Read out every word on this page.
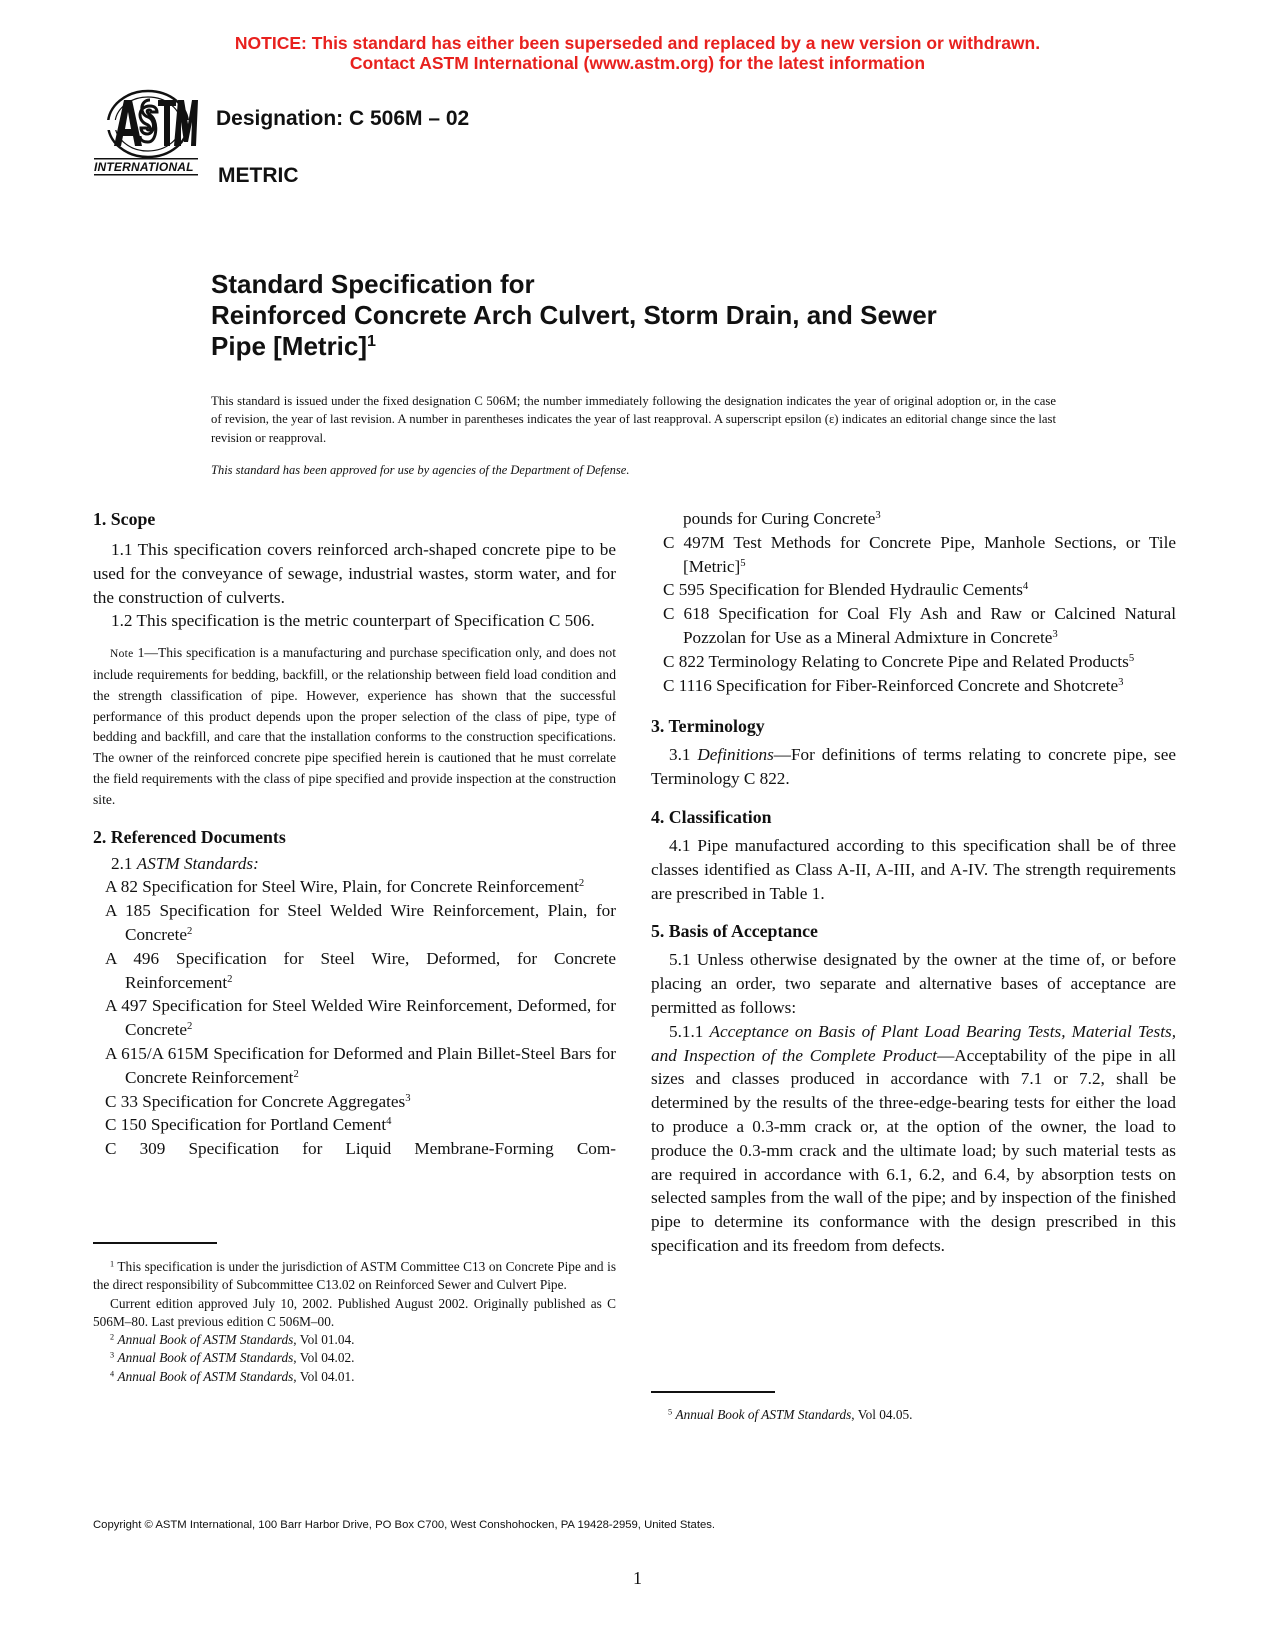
NOTICE: This standard has either been superseded and replaced by a new version or withdrawn.
Contact ASTM International (www.astm.org) for the latest information
INTERNATIONAL
Designation: C 506M – 02
METRIC
Standard Specification for
Reinforced Concrete Arch Culvert, Storm Drain, and Sewer
Pipe [Metric]$^1$
This standard is issued under the fixed designation C 506M; the number immediately following the designation indicates the year of original adoption or, in the case of revision, the year of last revision. A number in parentheses indicates the year of last reapproval. A superscript epsilon (ε) indicates an editorial change since the last revision or reapproval.
This standard has been approved for use by agencies of the Department of Defense.
1. Scope

1.1 This specification covers reinforced arch-shaped concrete pipe to be used for the conveyance of sewage, industrial wastes, storm water, and for the construction of culverts.

1.2 This specification is the metric counterpart of Specification C 506.

Note 1—This specification is a manufacturing and purchase specification only, and does not include requirements for bedding, backfill, or the relationship between field load condition and the strength classification of pipe. However, experience has shown that the successful performance of this product depends upon the proper selection of the class of pipe, type of bedding and backfill, and care that the installation conforms to the construction specifications. The owner of the reinforced concrete pipe specified herein is cautioned that he must correlate the field requirements with the class of pipe specified and provide inspection at the construction site.

2. Referenced Documents

2.1 ASTM Standards:

A 82 Specification for Steel Wire, Plain, for Concrete Reinforcement$^2$

A 185 Specification for Steel Welded Wire Reinforcement, Plain, for Concrete$^2$

A 496 Specification for Steel Wire, Deformed, for Concrete Reinforcement$^2$

A 497 Specification for Steel Welded Wire Reinforcement, Deformed, for Concrete$^2$

A 615/A 615M Specification for Deformed and Plain Billet-Steel Bars for Concrete Reinforcement$^2$

C 33 Specification for Concrete Aggregates$^3$

C 150 Specification for Portland Cement$^4$

C 309 Specification for Liquid Membrane-Forming Com-

$^1$ This specification is under the jurisdiction of ASTM Committee C13 on Concrete Pipe and is the direct responsibility of Subcommittee C13.02 on Reinforced Sewer and Culvert Pipe.

Current edition approved July 10, 2002. Published August 2002. Originally published as C 506M–80. Last previous edition C 506M–00.

$^2$ Annual Book of ASTM Standards, Vol 01.04.

$^3$ Annual Book of ASTM Standards, Vol 04.02.

$^4$ Annual Book of ASTM Standards, Vol 04.01.

pounds for Curing Concrete$^3$

C 497M Test Methods for Concrete Pipe, Manhole Sections, or Tile [Metric]$^5$

C 595 Specification for Blended Hydraulic Cements$^4$

C 618 Specification for Coal Fly Ash and Raw or Calcined Natural Pozzolan for Use as a Mineral Admixture in Concrete$^3$

C 822 Terminology Relating to Concrete Pipe and Related Products$^5$

C 1116 Specification for Fiber-Reinforced Concrete and Shotcrete$^3$

3. Terminology

3.1 Definitions—For definitions of terms relating to concrete pipe, see Terminology C 822.

4. Classification

4.1 Pipe manufactured according to this specification shall be of three classes identified as Class A-II, A-III, and A-IV. The strength requirements are prescribed in Table 1.

5. Basis of Acceptance

5.1 Unless otherwise designated by the owner at the time of, or before placing an order, two separate and alternative bases of acceptance are permitted as follows:

5.1.1 Acceptance on Basis of Plant Load Bearing Tests, Material Tests, and Inspection of the Complete Product—Acceptability of the pipe in all sizes and classes produced in accordance with 7.1 or 7.2, shall be determined by the results of the three-edge-bearing tests for either the load to produce a 0.3-mm crack or, at the option of the owner, the load to produce the 0.3-mm crack and the ultimate load; by such material tests as are required in accordance with 6.1, 6.2, and 6.4, by absorption tests on selected samples from the wall of the pipe; and by inspection of the finished pipe to determine its conformance with the design prescribed in this specification and its freedom from defects.

$^5$ Annual Book of ASTM Standards, Vol 04.05.

Copyright © ASTM International, 100 Barr Harbor Drive, PO Box C700, West Conshohocken, PA 19428-2959, United States.
1
